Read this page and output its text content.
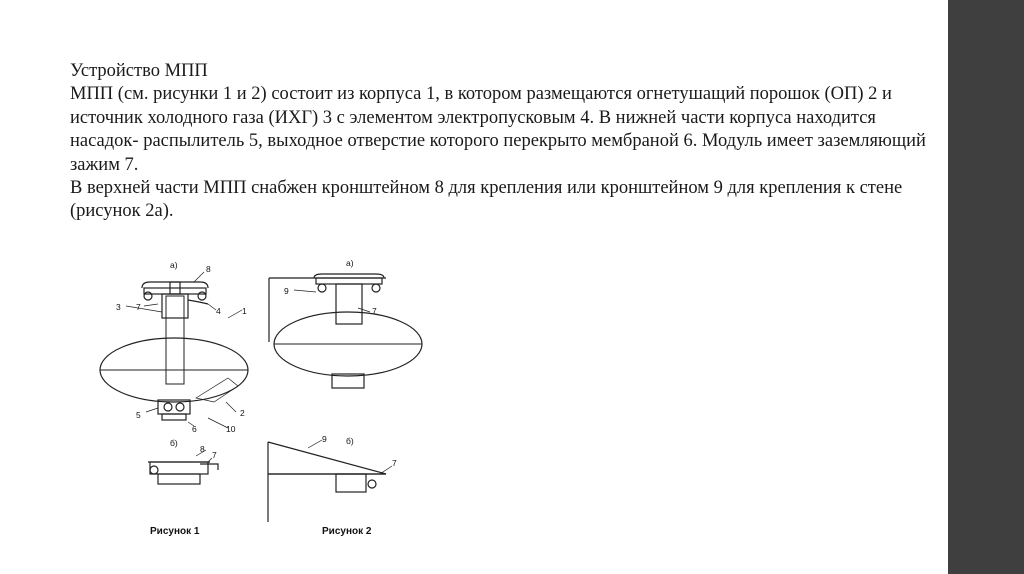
Устройство МПП

МПП (см. рисунки 1 и 2) состоит из корпуса 1, в котором размещаются огнетушащий порошок (ОП) 2 и источник холодного газа (ИХГ) 3 с элементом электропусковым 4. В нижней части корпуса находится насадок- распылитель 5, выходное отверстие которого перекрыто мембраной 6. Модуль имеет заземляющий зажим 7.

В верхней части МПП снабжен кронштейном 8 для крепления или кронштейном 9 для крепления к стене (рисунок 2а).

а)	8
3 7	4	1
5
6	10
2
б)
8
7
а)
9
7
б)
9
7
Рисунок 1	Рисунок 2
